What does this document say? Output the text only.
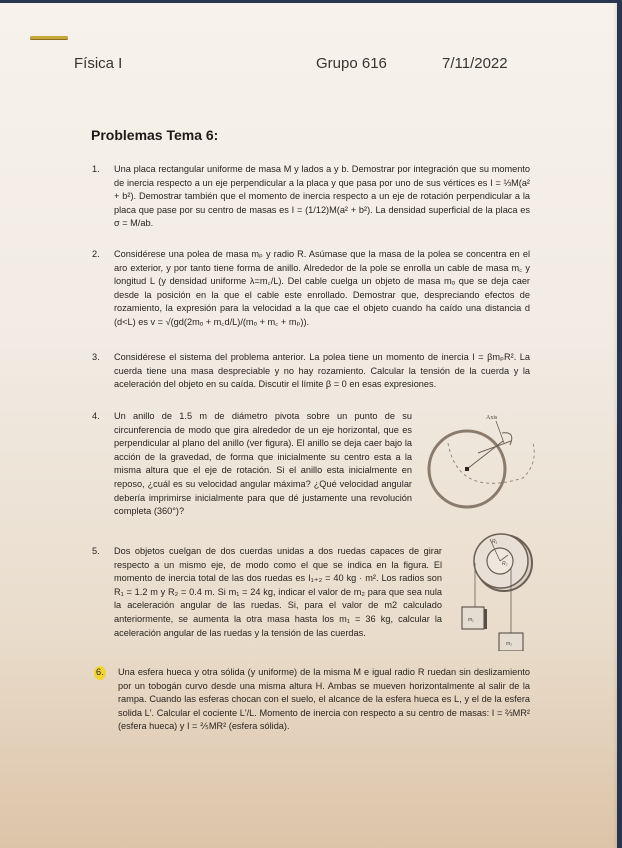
Física I	Grupo 616	7/11/2022
Problemas Tema 6:
1. Una placa rectangular uniforme de masa M y lados a y b. Demostrar por integración que su momento de inercia respecto a un eje perpendicular a la placa y que pasa por uno de sus vértices es I = ⅓M(a² + b²). Demostrar también que el momento de inercia respecto a un eje de rotación perpendicular a la placa que pase por su centro de masas es I = (1/12)M(a² + b²). La densidad superficial de la placa es σ = M/ab.
2. Considérese una polea de masa mₚ y radio R. Asúmase que la masa de la polea se concentra en el aro exterior, y por tanto tiene forma de anillo. Alrededor de la pole se enrolla un cable de masa m꜀ y longitud L (y densidad uniforme λ=m꜀/L). Del cable cuelga un objeto de masa mₒ que se deja caer desde la posición en la que el cable este enrollado. Demostrar que, despreciando efectos de rozamiento, la expresión para la velocidad a la que cae el objeto cuando ha caído una distancia d (d<L) es v = √(gd(2mₒ + m꜀d/L)/(mₒ + m꜀ + mₚ)).
3. Considérese el sistema del problema anterior. La polea tiene un momento de inercia I = βmₚR². La cuerda tiene una masa despreciable y no hay rozamiento. Calcular la tensión de la cuerda y la aceleración del objeto en su caída. Discutir el límite β = 0 en esas expresiones.
4. Un anillo de 1.5 m de diámetro pivota sobre un punto de su circunferencia de modo que gira alrededor de un eje horizontal, que es perpendicular al plano del anillo (ver figura). El anillo se deja caer bajo la acción de la gravedad, de forma que inicialmente su centro esta a la misma altura que el eje de rotación. Si el anillo esta inicialmente en reposo, ¿cuál es su velocidad angular máxima? ¿Qué velocidad angular debería imprimirse inicialmente para que dé justamente una revolución completa (360°)?
Axis
5. Dos objetos cuelgan de dos cuerdas unidas a dos ruedas capaces de girar respecto a un mismo eje, de modo como el que se indica en la figura. El momento de inercia total de las dos ruedas es I₁₊₂ = 40 kg · m². Los radios son R₁ = 1.2 m y R₂ = 0.4 m. Si m₁ = 24 kg, indicar el valor de m₂ para que sea nula la aceleración angular de las ruedas. Si, para el valor de m2 calculado anteriormente, se aumenta la otra masa hasta los m₁ = 36 kg, calcular la aceleración angular de las ruedas y la tensión de las cuerdas.
R₁
R₂
m₁
m₂
6. Una esfera hueca y otra sólida (y uniforme) de la misma M e igual radio R ruedan sin deslizamiento por un tobogán curvo desde una misma altura H. Ambas se mueven horizontalmente al salir de la rampa. Cuando las esferas chocan con el suelo, el alcance de la esfera hueca es L, y el de la esfera solida L'. Calcular el cociente L'/L. Momento de inercia con respecto a su centro de masas: I = ⅔MR² (esfera hueca) y I = ⅖MR² (esfera sólida).
